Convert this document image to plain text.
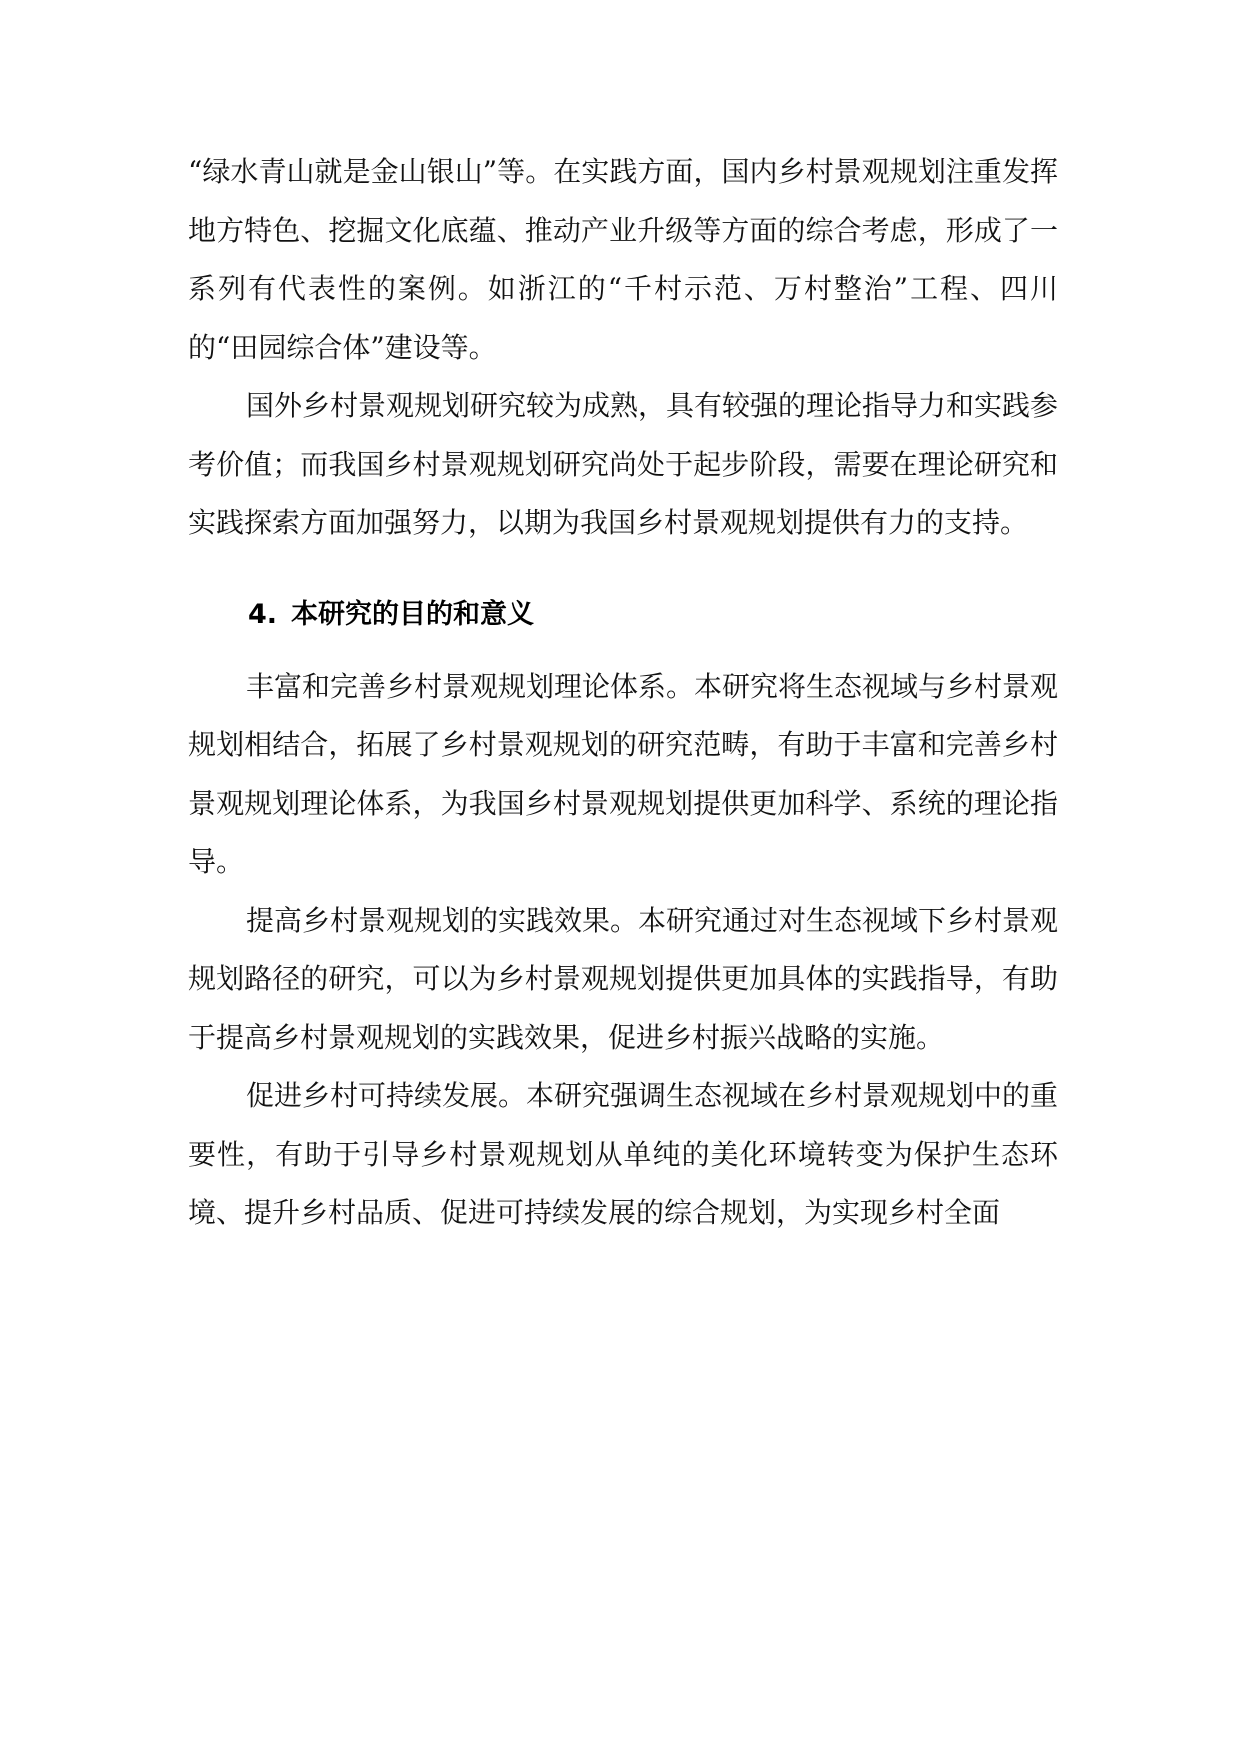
“绿水青山就是金山银山”等。在实践方面，国内乡村景观规划注重发挥地方特色、挖掘文化底蕴、推动产业升级等方面的综合考虑，形成了一系列有代表性的案例。如浙江的“千村示范、万村整治”工程、四川的“田园综合体”建设等。

国外乡村景观规划研究较为成熟，具有较强的理论指导力和实践参考价值；而我国乡村景观规划研究尚处于起步阶段，需要在理论研究和实践探索方面加强努力，以期为我国乡村景观规划提供有力的支持。

4. 本研究的目的和意义

丰富和完善乡村景观规划理论体系。本研究将生态视域与乡村景观规划相结合，拓展了乡村景观规划的研究范畴，有助于丰富和完善乡村景观规划理论体系，为我国乡村景观规划提供更加科学、系统的理论指导。

提高乡村景观规划的实践效果。本研究通过对生态视域下乡村景观规划路径的研究，可以为乡村景观规划提供更加具体的实践指导，有助于提高乡村景观规划的实践效果，促进乡村振兴战略的实施。

促进乡村可持续发展。本研究强调生态视域在乡村景观规划中的重要性，有助于引导乡村景观规划从单纯的美化环境转变为保护生态环境、提升乡村品质、促进可持续发展的综合规划，为实现乡村全面
